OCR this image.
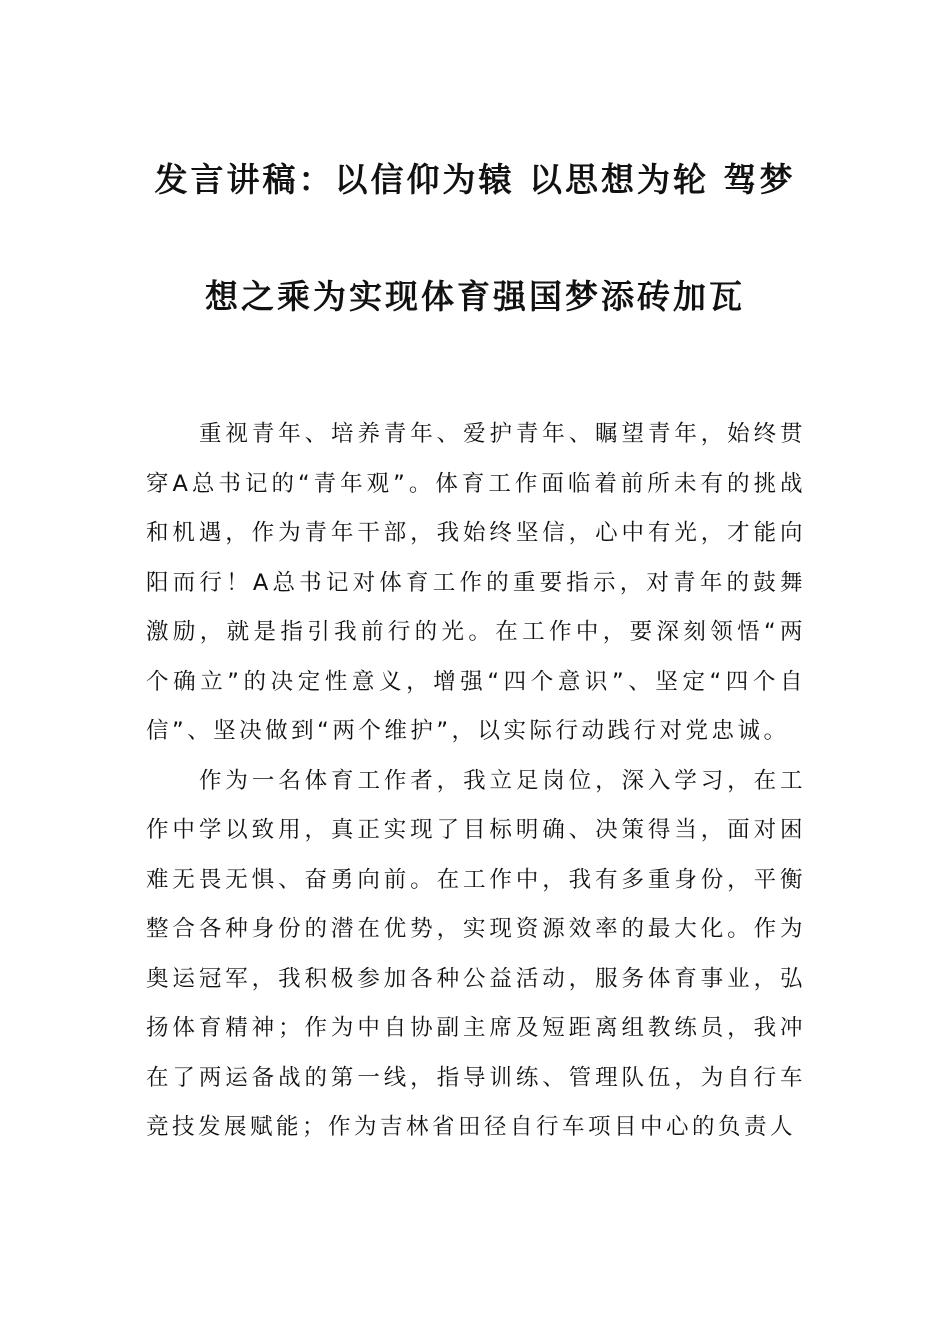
发言讲稿：以信仰为辕 以思想为轮 驾梦
想之乘为实现体育强国梦添砖加瓦

重视青年、培养青年、爱护青年、瞩望青年，始终贯穿A总书记的“青年观”。体育工作面临着前所未有的挑战和机遇，作为青年干部，我始终坚信，心中有光，才能向阳而行！A总书记对体育工作的重要指示，对青年的鼓舞激励，就是指引我前行的光。在工作中，要深刻领悟“两个确立”的决定性意义，增强“四个意识”、坚定“四个自信”、坚决做到“两个维护”，以实际行动践行对党忠诚。

作为一名体育工作者，我立足岗位，深入学习，在工作中学以致用，真正实现了目标明确、决策得当，面对困难无畏无惧、奋勇向前。在工作中，我有多重身份，平衡整合各种身份的潜在优势，实现资源效率的最大化。作为奥运冠军，我积极参加各种公益活动，服务体育事业，弘扬体育精神；作为中自协副主席及短距离组教练员，我冲在了两运备战的第一线，指导训练、管理队伍，为自行车竞技发展赋能；作为吉林省田径自行车项目中心的负责人
